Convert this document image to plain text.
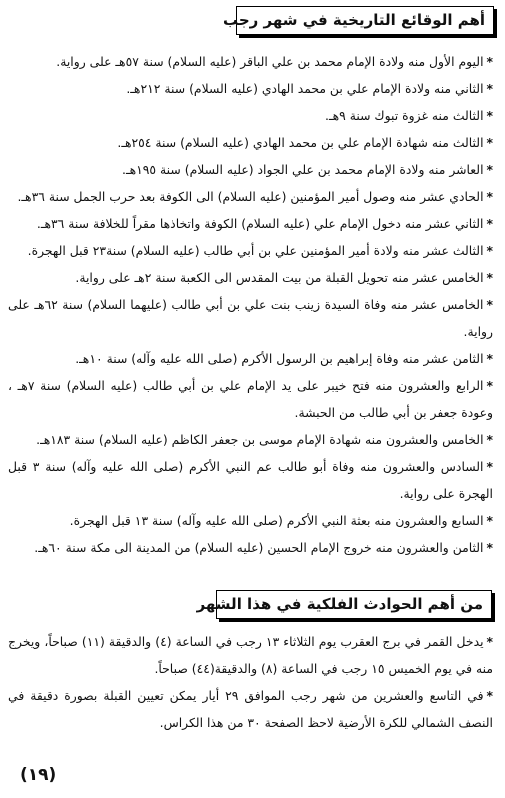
أهم الوقائع التاريخية في شهر رجب

*اليوم الأول منه ولادة الإمام محمد بن علي الباقر (عليه السلام) سنة ٥٧هـ على رواية.

*الثاني منه ولادة الإمام علي بن محمد الهادي (عليه السلام) سنة ٢١٢هـ.

*الثالث منه غزوة تبوك سنة ٩هـ.

*الثالث منه شهادة الإمام علي بن محمد الهادي (عليه السلام) سنة ٢٥٤هـ.

*العاشر منه ولادة الإمام محمد بن علي الجواد (عليه السلام) سنة ١٩٥هـ.

*الحادي عشر منه وصول أمير المؤمنين (عليه السلام) الى الكوفة بعد حرب الجمل سنة ٣٦هـ.

*الثاني عشر منه دخول الإمام علي (عليه السلام) الكوفة واتخاذها مقراً للخلافة سنة ٣٦هـ.

*الثالث عشر منه ولادة أمير المؤمنين علي بن أبي طالب (عليه السلام) سنة٢٣ قبل الهجرة.

*الخامس عشر منه تحويل القبلة من بيت المقدس الى الكعبة سنة ٢هـ على رواية.

*الخامس عشر منه وفاة السيدة زينب بنت علي بن أبي طالب (عليهما السلام) سنة ٦٢هـ على رواية.

*الثامن عشر منه وفاة إبراهيم بن الرسول الأكرم (صلى الله عليه وآله) سنة ١٠هـ.

*الرابع والعشرون منه فتح خيبر على يد الإمام علي بن أبي طالب (عليه السلام) سنة ٧هـ ، وعودة جعفر بن أبي طالب من الحبشة.

*الخامس والعشرون منه شهادة الإمام موسى بن جعفر الكاظم (عليه السلام) سنة ١٨٣هـ.

*السادس والعشرون منه وفاة أبو طالب عم النبي الأكرم (صلى الله عليه وآله) سنة ٣ قبل الهجرة على رواية.

*السابع والعشرون منه بعثة النبي الأكرم (صلى الله عليه وآله) سنة ١٣ قبل الهجرة.

*الثامن والعشرون منه خروج الإمام الحسين (عليه السلام) من المدينة الى مكة سنة ٦٠هـ.

من أهم الحوادث الفلكية في هذا الشهر

*يدخل القمر في برج العقرب يوم الثلاثاء ١٣ رجب في الساعة (٤) والدقيقة (١١) صباحاً، ويخرج منه في يوم الخميس ١٥ رجب في الساعة (٨) والدقيقة(٤٤) صباحاً.

*في التاسع والعشرين من شهر رجب الموافق ٢٩ أيار يمكن تعيين القبلة بصورة دقيقة في النصف الشمالي للكرة الأرضية لاحظ الصفحة ٣٠ من هذا الكراس.

(١٩)
